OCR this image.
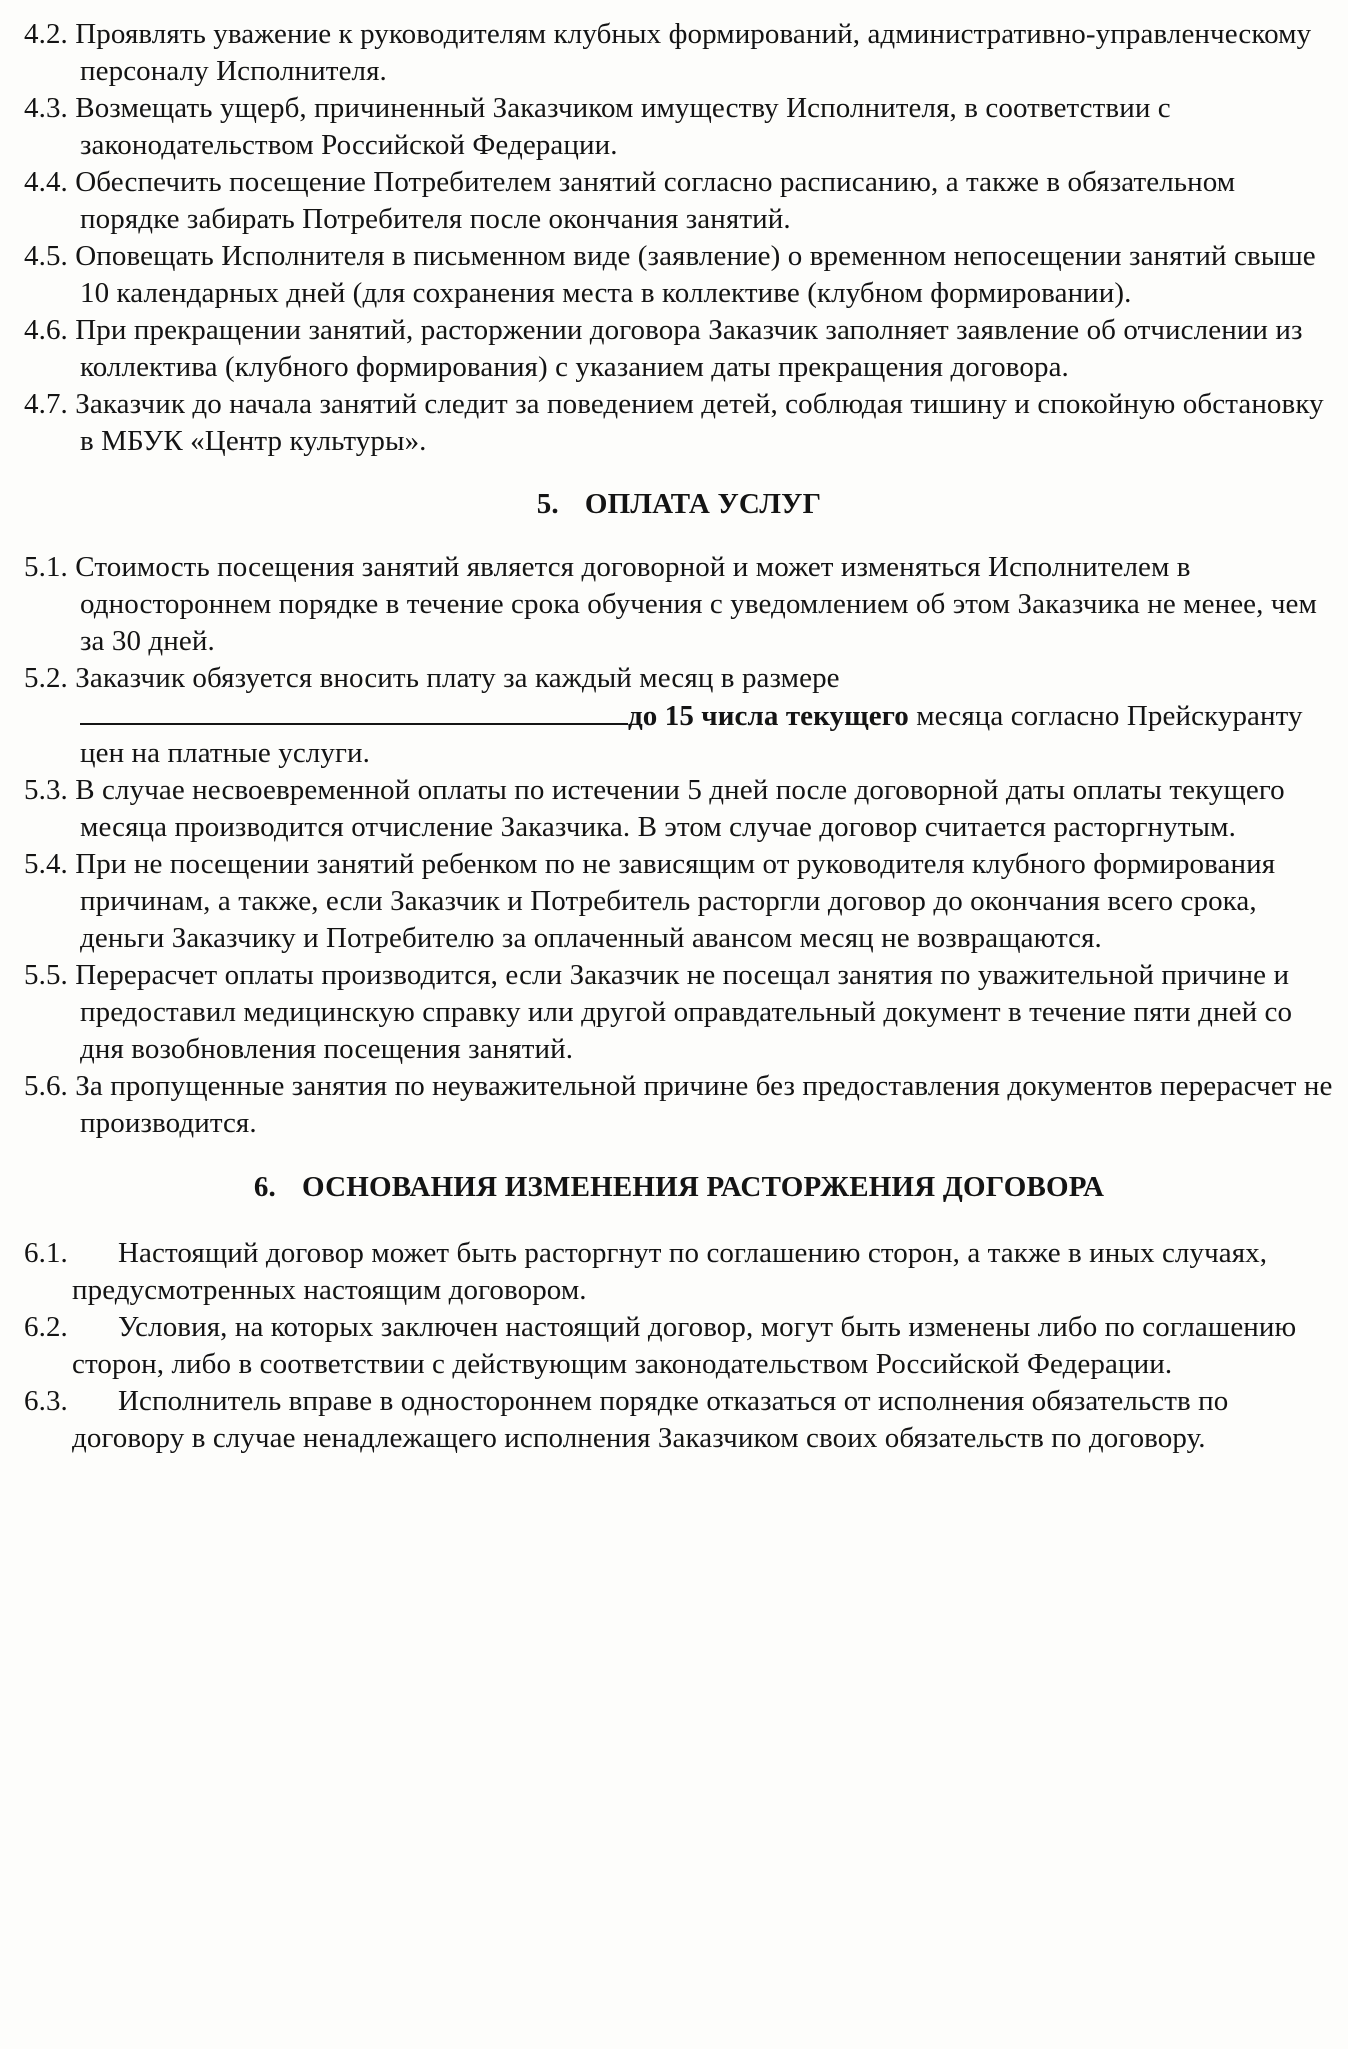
4.2. Проявлять уважение к руководителям клубных формирований, административно-управленческому персоналу Исполнителя.

4.3. Возмещать ущерб, причиненный Заказчиком имуществу Исполнителя, в соответствии с законодательством Российской Федерации.

4.4. Обеспечить посещение Потребителем занятий согласно расписанию, а также в обязательном порядке забирать Потребителя после окончания занятий.

4.5. Оповещать Исполнителя в письменном виде (заявление) о временном непосещении занятий свыше 10 календарных дней (для сохранения места в коллективе (клубном формировании).

4.6. При прекращении занятий, расторжении договора Заказчик заполняет заявление об отчислении из коллектива (клубного формирования) с указанием даты прекращения договора.

4.7. Заказчик до начала занятий следит за поведением детей, соблюдая тишину и спокойную обстановку в МБУК «Центр культуры».

5. ОПЛАТА УСЛУГ

5.1. Стоимость посещения занятий является договорной и может изменяться Исполнителем в одностороннем порядке в течение срока обучения с уведомлением об этом Заказчика не менее, чем за 30 дней.

5.2. Заказчик обязуется вносить плату за каждый месяц в размере
до 15 числа текущего месяца согласно Прейскуранту цен на платные услуги.

5.3. В случае несвоевременной оплаты по истечении 5 дней после договорной даты оплаты текущего месяца производится отчисление Заказчика. В этом случае договор считается расторгнутым.

5.4. При не посещении занятий ребенком по не зависящим от руководителя клубного формирования причинам, а также, если Заказчик и Потребитель расторгли договор до окончания всего срока, деньги Заказчику и Потребителю за оплаченный авансом месяц не возвращаются.

5.5. Перерасчет оплаты производится, если Заказчик не посещал занятия по уважительной причине и предоставил медицинскую справку или другой оправдательный документ в течение пяти дней со дня возобновления посещения занятий.

5.6. За пропущенные занятия по неуважительной причине без предоставления документов перерасчет не производится.

6. ОСНОВАНИЯ ИЗМЕНЕНИЯ РАСТОРЖЕНИЯ ДОГОВОРА

6.1. Настоящий договор может быть расторгнут по соглашению сторон, а также в иных случаях, предусмотренных настоящим договором.

6.2. Условия, на которых заключен настоящий договор, могут быть изменены либо по соглашению сторон, либо в соответствии с действующим законодательством Российской Федерации.

6.3. Исполнитель вправе в одностороннем порядке отказаться от исполнения обязательств по договору в случае ненадлежащего исполнения Заказчиком своих обязательств по договору.
